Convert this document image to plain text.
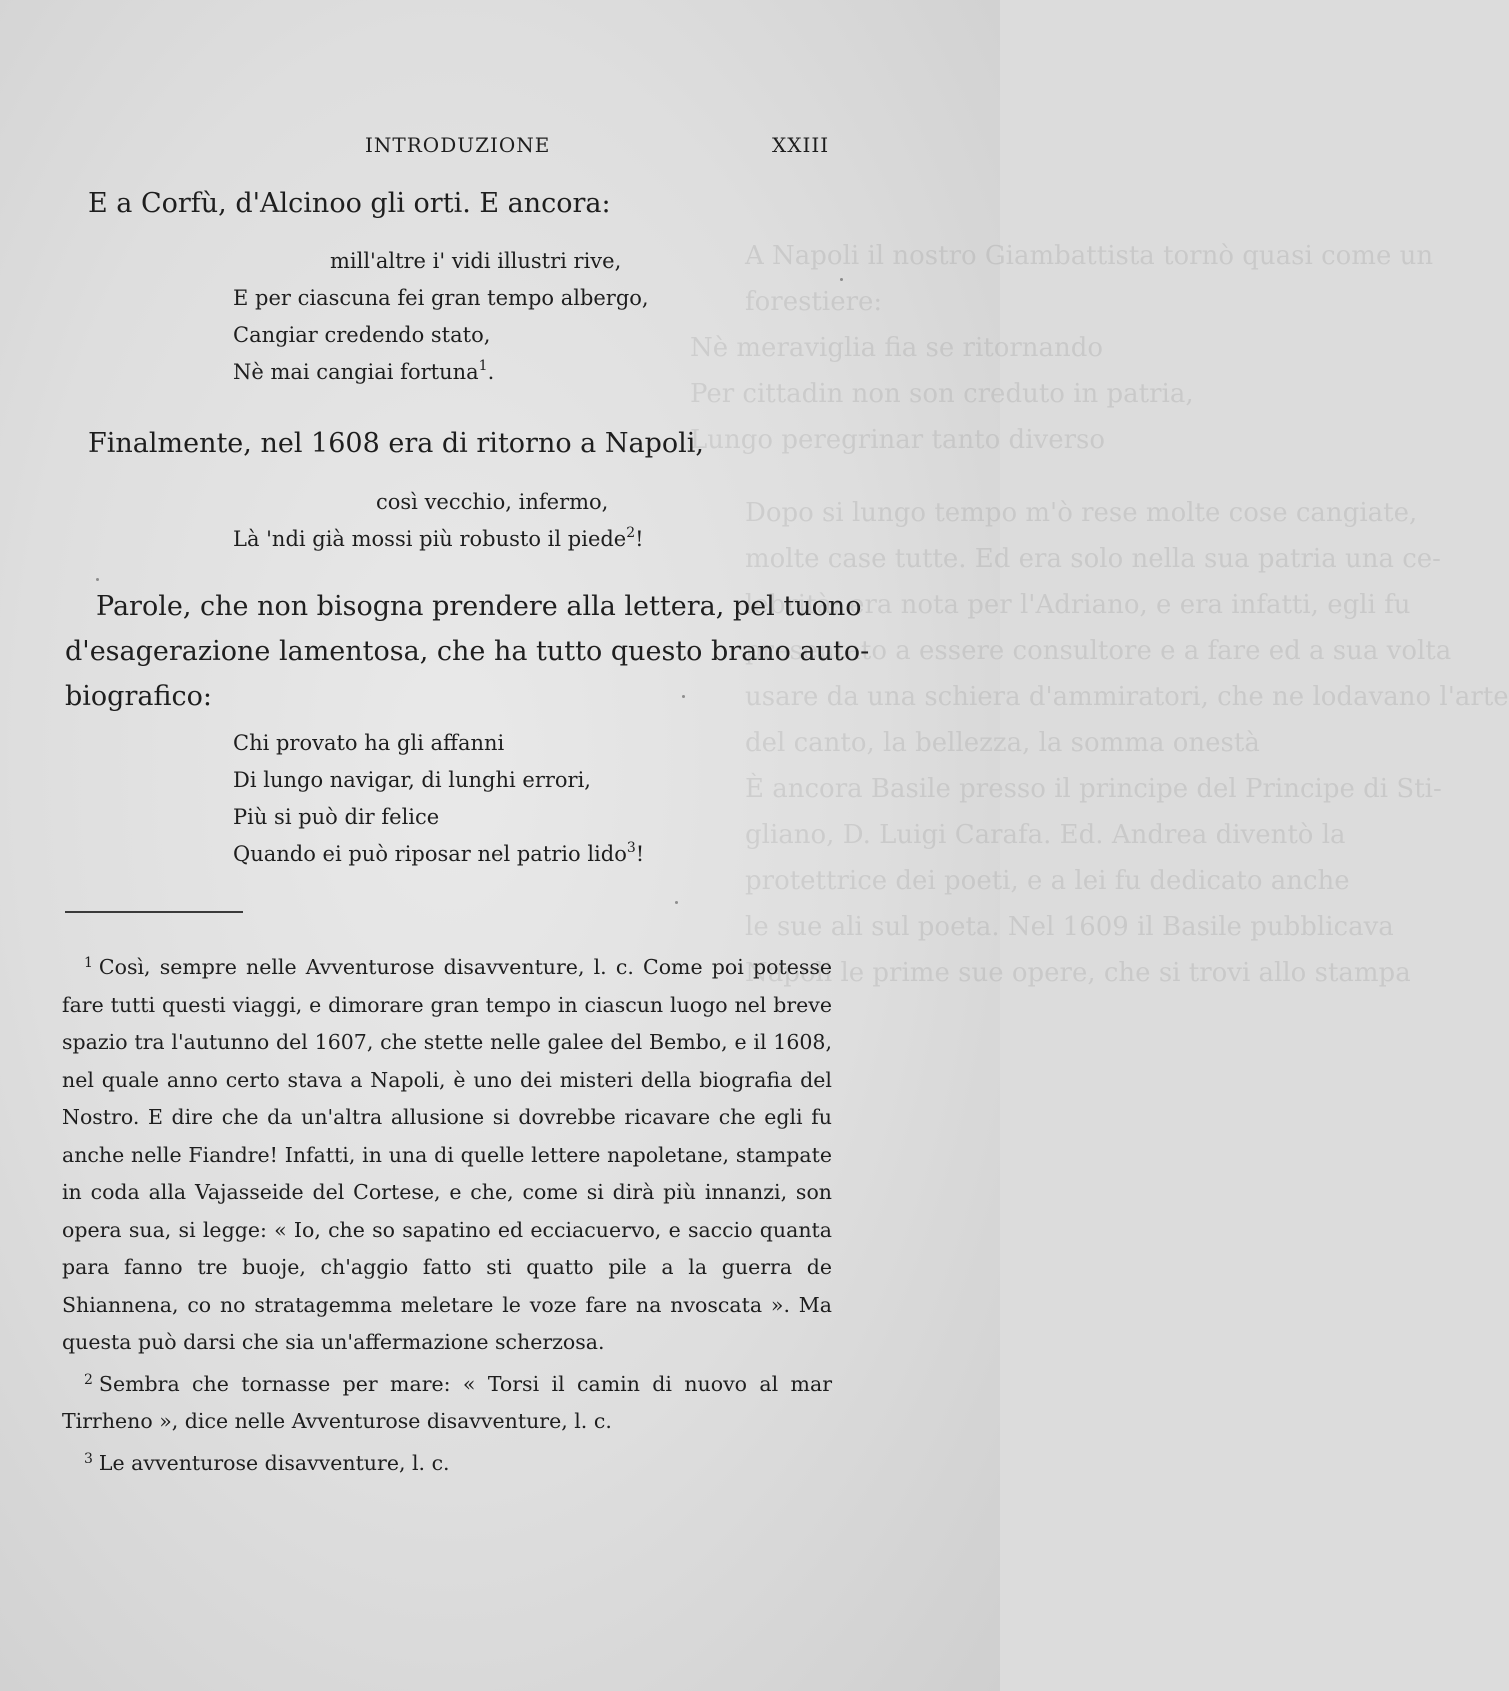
A Napoli il nostro Giambattista tornò quasi come un
forestiere:
Nè meraviglia fia se ritornando
Per cittadin non son creduto in patria,
Lungo peregrinar tanto diverso
Dopo si lungo tempo m'ò rese molte cose cangiate,
molte case tutte. Ed era solo nella sua patria una ce-
lebrità; era nota per l'Adriano, e era infatti, egli fu
presentato a essere consultore e a fare ed a sua volta
usare da una schiera d'ammiratori, che ne lodavano l'arte
del canto, la bellezza, la somma onestà
È ancora Basile presso il principe del Principe di Sti-
gliano, D. Luigi Carafa. Ed. Andrea diventò la
protettrice dei poeti, e a lei fu dedicato anche
le sue ali sul poeta. Nel 1609 il Basile pubblicava
Napoli le prime sue opere, che si trovi allo stampa
INTRODUZIONE	XXIII
E a Corfù, d'Alcinoo gli orti. E ancora:
mill'altre i' vidi illustri rive,
E per ciascuna fei gran tempo albergo,
Cangiar credendo stato,
Nè mai cangiai fortuna$^1$.
Finalmente, nel 1608 era di ritorno a Napoli,
così vecchio, infermo,
Là 'ndi già mossi più robusto il piede$^2$!
Parole, che non bisogna prendere alla lettera, pel tuono
d'esagerazione lamentosa, che ha tutto questo brano auto-
biografico:
Chi provato ha gli affanni
Di lungo navigar, di lunghi errori,
Più si può dir felice
Quando ei può riposar nel patrio lido$^3$!
$^1$ Così, sempre nelle Avventurose disavventure, l. c. Come poi potesse fare tutti questi viaggi, e dimorare gran tempo in ciascun luogo nel breve spazio tra l'autunno del 1607, che stette nelle galee del Bembo, e il 1608, nel quale anno certo stava a Napoli, è uno dei misteri della biografia del Nostro. E dire che da un'altra allusione si dovrebbe ricavare che egli fu anche nelle Fiandre! Infatti, in una di quelle lettere napoletane, stampate in coda alla Vajasseide del Cortese, e che, come si dirà più innanzi, son opera sua, si legge: « Io, che so sapatino ed ecciacuervo, e saccio quanta para fanno tre buoje, ch'aggio fatto sti quatto pile a la guerra de Shiannena, co no stratagemma meletare le voze fare na nvoscata ». Ma questa può darsi che sia un'affermazione scherzosa.
$^2$ Sembra che tornasse per mare: « Torsi il camin di nuovo al mar Tirrheno », dice nelle Avventurose disavventure, l. c.
$^3$ Le avventurose disavventure, l. c.
